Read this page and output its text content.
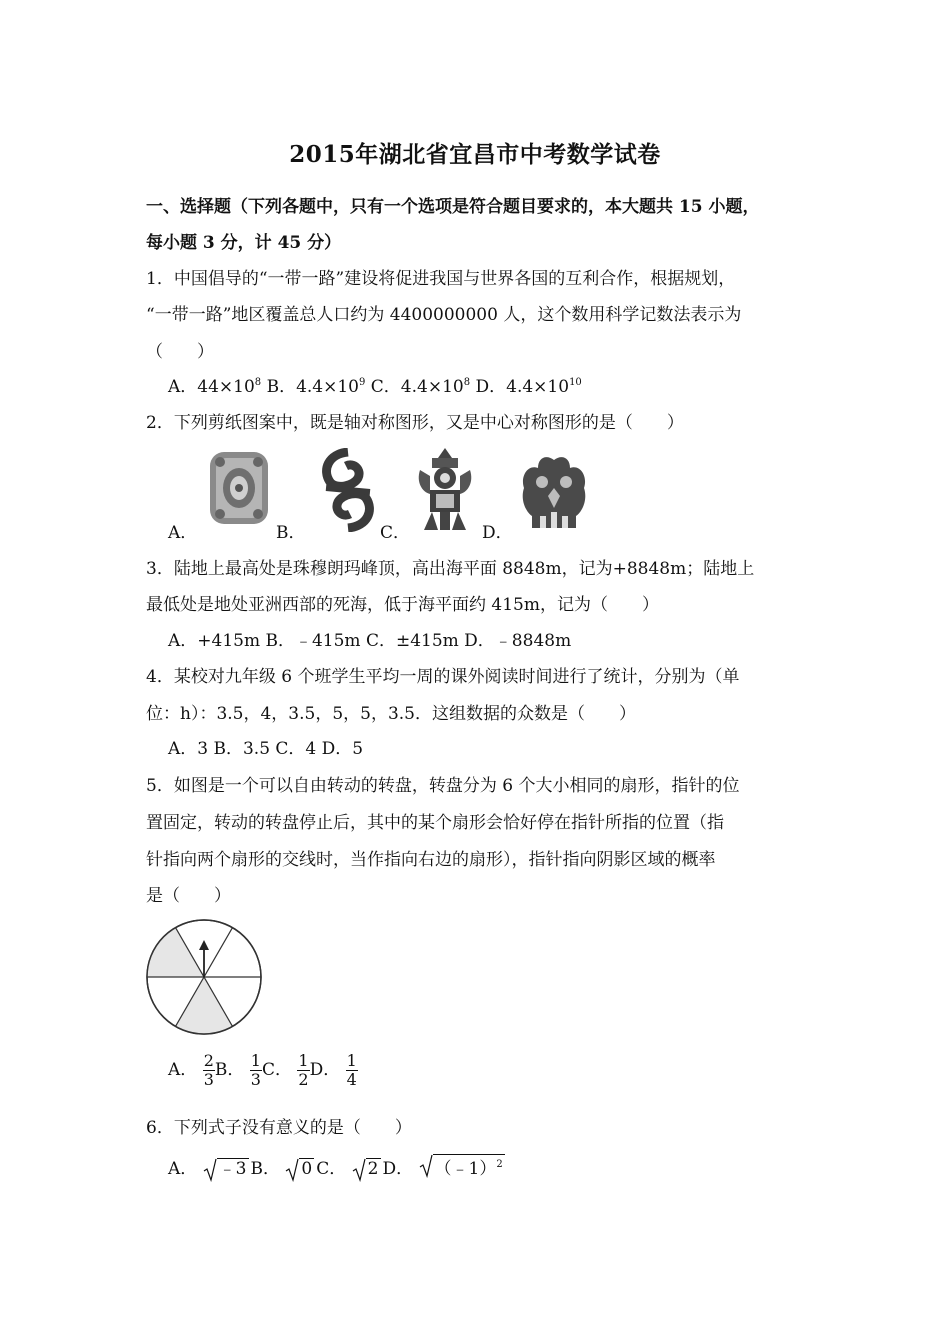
2015年湖北省宜昌市中考数学试卷
一、选择题（下列各题中，只有一个选项是符合题目要求的，本大题共 15 小题，
每小题 3 分，计 45 分）
1．中国倡导的“一带一路”建设将促进我国与世界各国的互利合作，根据规划，
“一带一路”地区覆盖总人口约为 4400000000 人，这个数用科学记数法表示为
（　　）
A．$44\times 10^8$ B．$4.4\times 10^9$ C．$4.4\times 10^8$ D．$4.4\times 10^{10}$
2．下列剪纸图案中，既是轴对称图形，又是中心对称图形的是（　　）
A．	B．	C．	D．
3．陆地上最高处是珠穆朗玛峰顶，高出海平面 8848m，记为+8848m；陆地上
最低处是地处亚洲西部的死海，低于海平面约 415m，记为（　　）
A．+415m B．﹣415m C．±415m D．﹣8848m
4．某校对九年级 6 个班学生平均一周的课外阅读时间进行了统计，分别为（单
位：h）：3.5，4，3.5，5，5，3.5．这组数据的众数是（　　）
A．3 B．3.5 C．4 D．5
5．如图是一个可以自由转动的转盘，转盘分为 6 个大小相同的扇形，指针的位
置固定，转动的转盘停止后，其中的某个扇形会恰好停在指针所指的位置（指
针指向两个扇形的交线时，当作指向右边的扇形），指针指向阴影区域的概率
是（　　）
A． $\frac{2}{3}$ B． $\frac{1}{3}$ C． $\frac{1}{2}$ D． $\frac{1}{4}$
6．下列式子没有意义的是（　　）
A． ﹣3 B． 0 C． 2 D． （﹣1）$^2$
